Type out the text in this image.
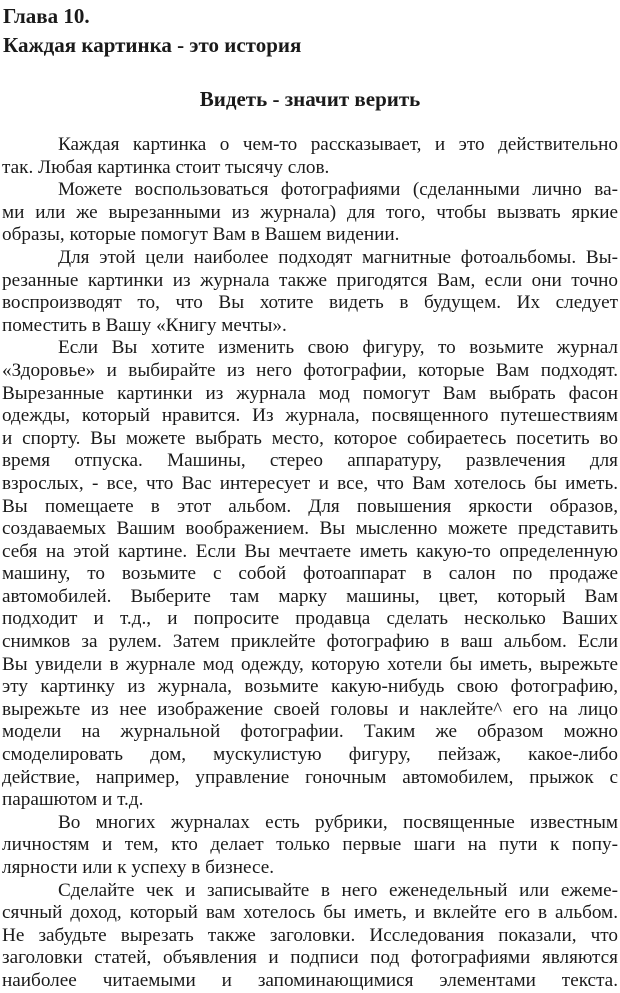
Глава 10.
Каждая картинка - это история
Видеть - значит верить
Каждая картинка о чем-то рассказывает, и это действительно
так. Любая картинка стоит тысячу слов.
Можете воспользоваться фотографиями (сделанными лично ва-
ми или же вырезанными из журнала) для того, чтобы вызвать яркие
образы, которые помогут Вам в Вашем видении.
Для этой цели наиболее подходят магнитные фотоальбомы. Вы-
резанные картинки из журнала также пригодятся Вам, если они точно
воспроизводят то, что Вы хотите видеть в будущем. Их следует
поместить в Вашу «Книгу мечты».
Если Вы хотите изменить свою фигуру, то возьмите журнал
«Здоровье» и выбирайте из него фотографии, которые Вам подходят.
Вырезанные картинки из журнала мод помогут Вам выбрать фасон
одежды, который нравится. Из журнала, посвященного путешествиям
и спорту. Вы можете выбрать место, которое собираетесь посетить во
время отпуска. Машины, стерео аппаратуру, развлечения для
взрослых, - все, что Вас интересует и все, что Вам хотелось бы иметь.
Вы помещаете в этот альбом. Для повышения яркости образов,
создаваемых Вашим воображением. Вы мысленно можете представить
себя на этой картине. Если Вы мечтаете иметь какую-то определенную
машину, то возьмите с собой фотоаппарат в салон по продаже
автомобилей. Выберите там марку машины, цвет, который Вам
подходит и т.д., и попросите продавца сделать несколько Ваших
снимков за рулем. Затем приклейте фотографию в ваш альбом. Если
Вы увидели в журнале мод одежду, которую хотели бы иметь, вырежьте
эту картинку из журнала, возьмите какую-нибудь свою фотографию,
вырежьте из нее изображение своей головы и наклейте^ его на лицо
модели на журнальной фотографии. Таким же образом можно
смоделировать дом, мускулистую фигуру, пейзаж, какое-либо
действие, например, управление гоночным автомобилем, прыжок с
парашютом и т.д.
Во многих журналах есть рубрики, посвященные известным
личностям и тем, кто делает только первые шаги на пути к попу-
лярности или к успеху в бизнесе.
Сделайте чек и записывайте в него еженедельный или ежеме-
сячный доход, который вам хотелось бы иметь, и вклейте его в альбом.
Не забудьте вырезать также заголовки. Исследования показали, что
заголовки статей, объявления и подписи под фотографиями являются
наиболее читаемыми и запоминающимися элементами текста.
